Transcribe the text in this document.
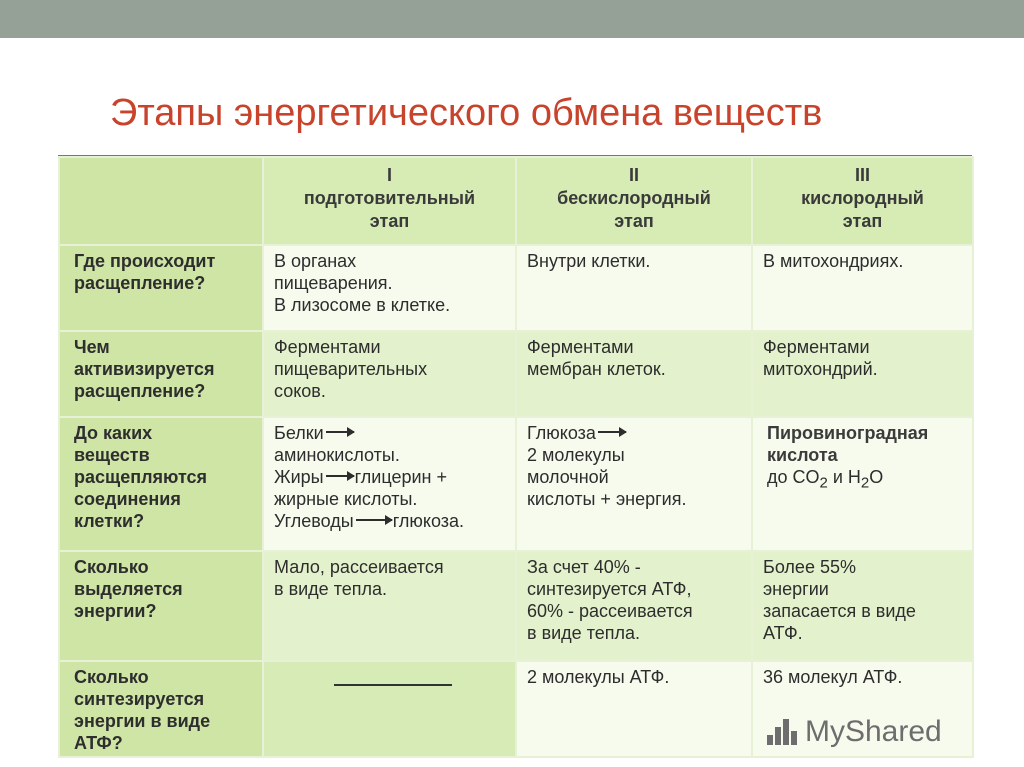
Этапы энергетического обмена веществ

	I
подготовительный
этап	II
бескислородный
этап	III
кислородный
этап

Где происходит
расщепление?	В органах
пищеварения.
В лизосоме в клетке.	Внутри клетки.	В митохондриях.

Чем
активизируется
расщепление?	Ферментами
пищеварительных
соков.	Ферментами
мембран клеток.	Ферментами
митохондрий.

До каких
веществ
расщепляются
соединения
клетки?	Белки
аминокислоты.
Жиры глицерин +
жирные кислоты.
Углеводы глюкоза.	Глюкоза
2 молекулы
молочной
кислоты + энергия.	Пировиноградная
кислота
до $CO_2$ и $H_2O$

Сколько
выделяется
энергии?	Мало, рассеивается
в виде тепла.	За счет 40% -
синтезируется АТФ,
60% - рассеивается
в виде тепла.	Более 55%
энергии
запасается в виде
АТФ.

Сколько
синтезируется
энергии в виде
АТФ?		2 молекулы АТФ.	36 молекул АТФ.
MyShared
